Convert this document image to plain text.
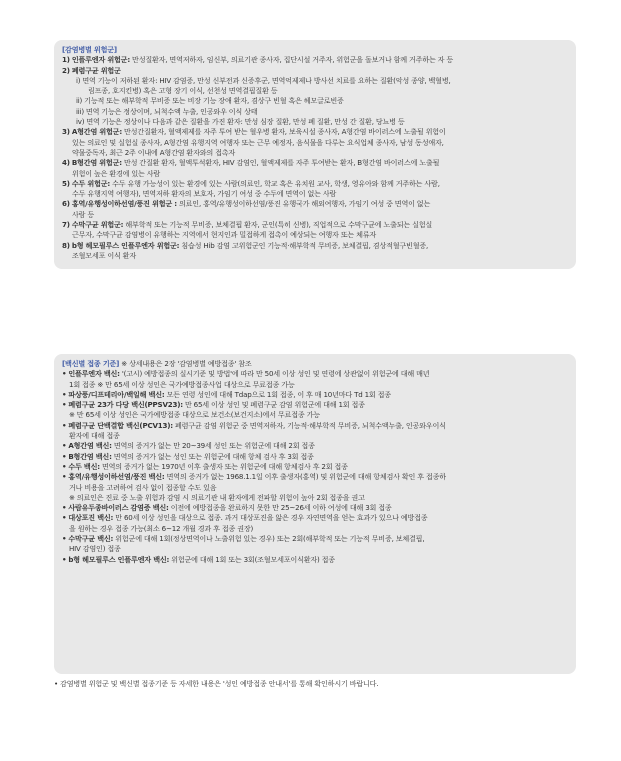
[감염병별 위험군]

1) 인플루엔자 위험군: 만성질환자, 면역저하자, 임신부, 의료기관 종사자, 집단시설 거주자, 위험군을 돌보거나 함께 거주하는 자 등

2) 폐렴구균 위험군

i) 면역 기능이 저하된 환자: HIV 감염증, 만성 신부전과 신증후군, 면역억제제나 방사선 치료를 요하는 질환(악성 종양, 백혈병,

림프종, 호지킨병) 혹은 고형 장기 이식, 선천성 면역결핍질환 등

ii) 기능적 또는 해부학적 무비증 또는 비장 기능 장애 환자, 겸상구 빈혈 혹은 헤모글로빈증

iii) 면역 기능은 정상이며, 뇌척수액 누출, 인공와우 이식 상태

iv) 면역 기능은 정상이나 다음과 같은 질환을 가진 환자: 만성 심장 질환, 만성 폐 질환, 만성 간 질환, 당뇨병 등

3) A형간염 위험군: 만성간질환자, 혈액제제를 자주 투여 받는 혈우병 환자, 보육시설 종사자, A형간염 바이러스에 노출될 위험이

있는 의료인 및 실험실 종사자, A형간염 유행지역 여행자 또는 근무 예정자, 음식물을 다루는 요식업체 종사자, 남성 동성애자,

약물중독자, 최근 2주 이내에 A형간염 환자와의 접촉자

4) B형간염 위험군: 만성 간질환 환자, 혈액투석환자, HIV 감염인, 혈액제제를 자주 투여받는 환자, B형간염 바이러스에 노출될

위험이 높은 환경에 있는 사람

5) 수두 위험군: 수두 유행 가능성이 있는 환경에 있는 사람(의료인, 학교 혹은 유치원 교사, 학생, 영유아와 함께 거주하는 사람,

수두 유행지역 여행자), 면역저하 환자의 보호자, 가임기 여성 중 수두에 면역이 없는 사람

6) 홍역/유행성이하선염/풍진 위험군 : 의료인, 홍역/유행성이하선염/풍진 유행국가 해외여행자, 가임기 여성 중 면역이 없는

사람 등

7) 수막구균 위험군: 해부학적 또는 기능적 무비증, 보체결핍 환자, 군인(특히 신병), 직업적으로 수막구균에 노출되는 실험실

근무자, 수막구균 감염병이 유행하는 지역에서 현지인과 밀접하게 접촉이 예상되는 여행자 또는 체류자

8) b형 헤모필루스 인플루엔자 위험군: 침습성 Hib 감염 고위험군인 기능적·해부학적 무비증, 보체결핍, 겸상적혈구빈혈증,

조혈모세포 이식 환자

[백신별 접종 기준] ※ 상세내용은 2장 '감염병별 예방접종' 참조

• 인플루엔자 백신: '(고시) 예방접종의 실시기준 및 방법'에 따라 만 50세 이상 성인 및 연령에 상관없이 위험군에 대해 매년

1회 접종 ※ 만 65세 이상 성인은 국가예방접종사업 대상으로 무료접종 가능

• 파상풍/디프테리아/백일해 백신: 모든 연령 성인에 대해 Tdap으로 1회 접종, 이 후 매 10년마다 Td 1회 접종

• 폐렴구균 23가 다당 백신(PPSV23): 만 65세 이상 성인 및 폐렴구균 감염 위험군에 대해 1회 접종

※ 만 65세 이상 성인은 국가예방접종 대상으로 보건소(보건지소)에서 무료접종 가능

• 폐렴구균 단백결합 백신(PCV13): 폐렴구균 감염 위험군 중 면역저하자, 기능적·해부학적 무비증, 뇌척수액누출, 인공와우이식

환자에 대해 접종

• A형간염 백신: 면역의 증거가 없는 만 20~39세 성인 또는 위험군에 대해 2회 접종

• B형간염 백신: 면역의 증거가 없는 성인 또는 위험군에 대해 항체 검사 후 3회 접종

• 수두 백신: 면역의 증거가 없는 1970년 이후 출생자 또는 위험군에 대해 항체검사 후 2회 접종

• 홍역/유행성이하선염/풍진 백신: 면역의 증거가 없는 1968.1.1일 이후 출생자(홍역) 및 위험군에 대해 항체검사 확인 후 접종하

거나 비용을 고려하여 검사 없이 접종할 수도 있음

※ 의료인은 진료 중 노출 위험과 감염 시 의료기관 내 환자에게 전파할 위험이 높아 2회 접종을 권고

• 사람유두종바이러스 감염증 백신: 이전에 예방접종을 완료하지 못한 만 25~26세 이하 여성에 대해 3회 접종

• 대상포진 백신: 만 60세 이상 성인을 대상으로 접종. 과거 대상포진을 앓은 경우 자연면역을 얻는 효과가 있으나 예방접종

을 원하는 경우 접종 가능(최소 6~12 개월 경과 후 접종 권장)

• 수막구균 백신: 위험군에 대해 1회(정상면역이나 노출위험 있는 경우) 또는 2회(해부학적 또는 기능적 무비증, 보체결핍,

HIV 감염인) 접종

• b형 헤모필루스 인플루엔자 백신: 위험군에 대해 1회 또는 3회(조혈모세포이식환자) 접종

• 감염병별 위험군 및 백신별 접종기준 등 자세한 내용은 '성인 예방접종 안내서'를 통해 확인하시기 바랍니다.
